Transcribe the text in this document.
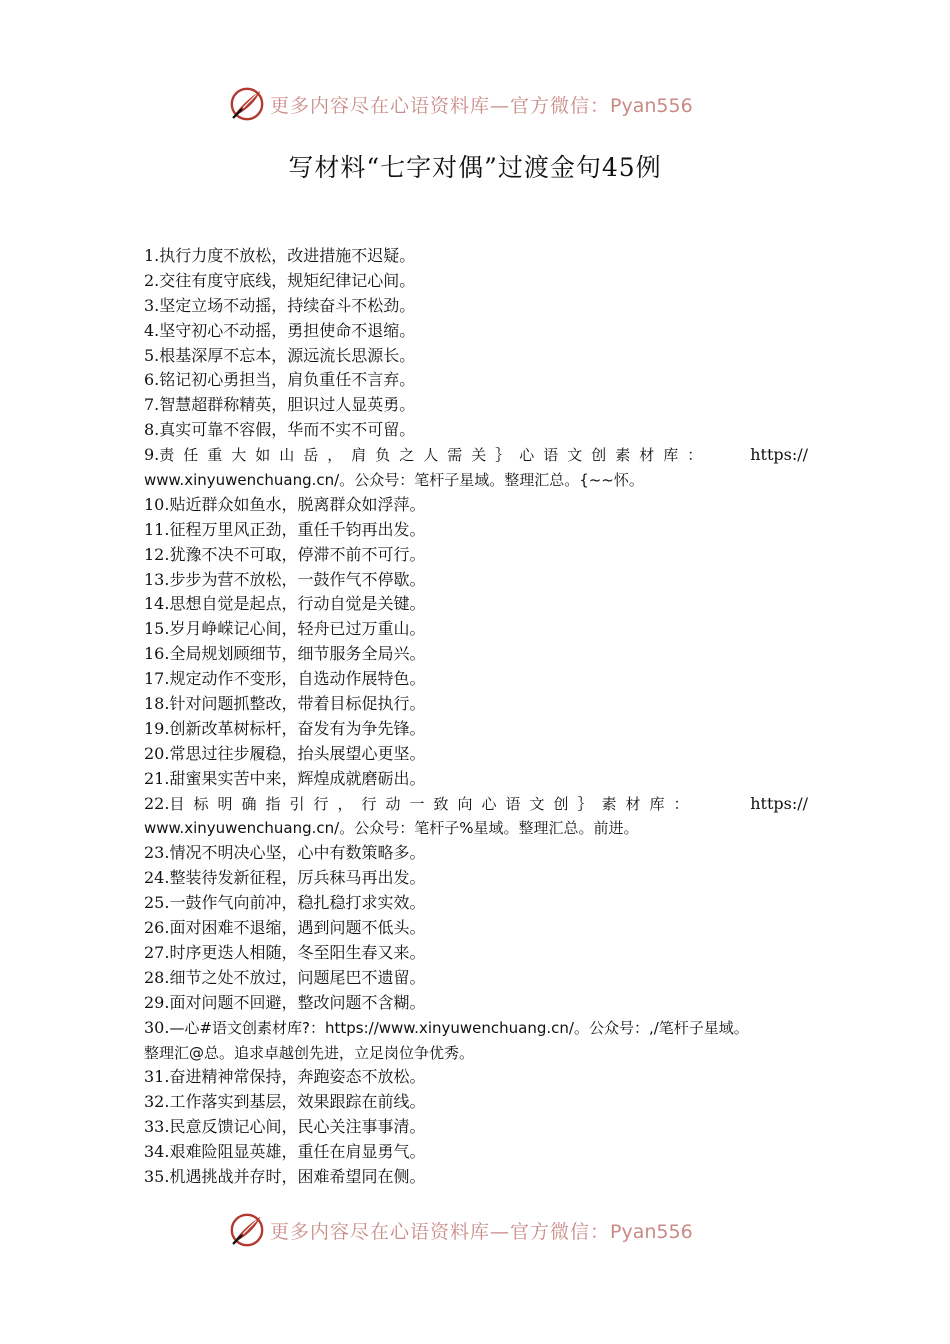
更多内容尽在心语资料库—官方微信：Pyan556
写材料“七字对偶”过渡金句45例
1.执行力度不放松，改进措施不迟疑。
2.交往有度守底线，规矩纪律记心间。
3.坚定立场不动摇，持续奋斗不松劲。
4.坚守初心不动摇，勇担使命不退缩。
5.根基深厚不忘本，源远流长思源长。
6.铭记初心勇担当，肩负重任不言弃。
7.智慧超群称精英，胆识过人显英勇。
8.真实可靠不容假，华而不实不可留。
9.责任重大如山岳，肩负之人需关｝心语文创素材库： https://
www.xinyuwenchuang.cn/。公众号：笔杆子星域。整理汇总。{~~怀。
10.贴近群众如鱼水，脱离群众如浮萍。
11.征程万里风正劲，重任千钧再出发。
12.犹豫不决不可取，停滞不前不可行。
13.步步为营不放松，一鼓作气不停歇。
14.思想自觉是起点，行动自觉是关键。
15.岁月峥嵘记心间，轻舟已过万重山。
16.全局规划顾细节，细节服务全局兴。
17.规定动作不变形，自选动作展特色。
18.针对问题抓整改，带着目标促执行。
19.创新改革树标杆，奋发有为争先锋。
20.常思过往步履稳，抬头展望心更坚。
21.甜蜜果实苦中来，辉煌成就磨砺出。
22.目标明确指引行，行动一致向心语文创｝素材库：	https://
www.xinyuwenchuang.cn/。公众号：笔杆子%星域。整理汇总。前进。
23.情况不明决心坚，心中有数策略多。
24.整装待发新征程，厉兵秣马再出发。
25.一鼓作气向前冲，稳扎稳打求实效。
26.面对困难不退缩，遇到问题不低头。
27.时序更迭人相随，冬至阳生春又来。
28.细节之处不放过，问题尾巴不遗留。
29.面对问题不回避，整改问题不含糊。
30.—心#语文创素材库?：https://www.xinyuwenchuang.cn/。公众号：,/笔杆子星域。
整理汇@总。追求卓越创先进，立足岗位争优秀。
31.奋进精神常保持，奔跑姿态不放松。
32.工作落实到基层，效果跟踪在前线。
33.民意反馈记心间，民心关注事事清。
34.艰难险阻显英雄，重任在肩显勇气。
35.机遇挑战并存时，困难希望同在侧。
更多内容尽在心语资料库—官方微信：Pyan556
